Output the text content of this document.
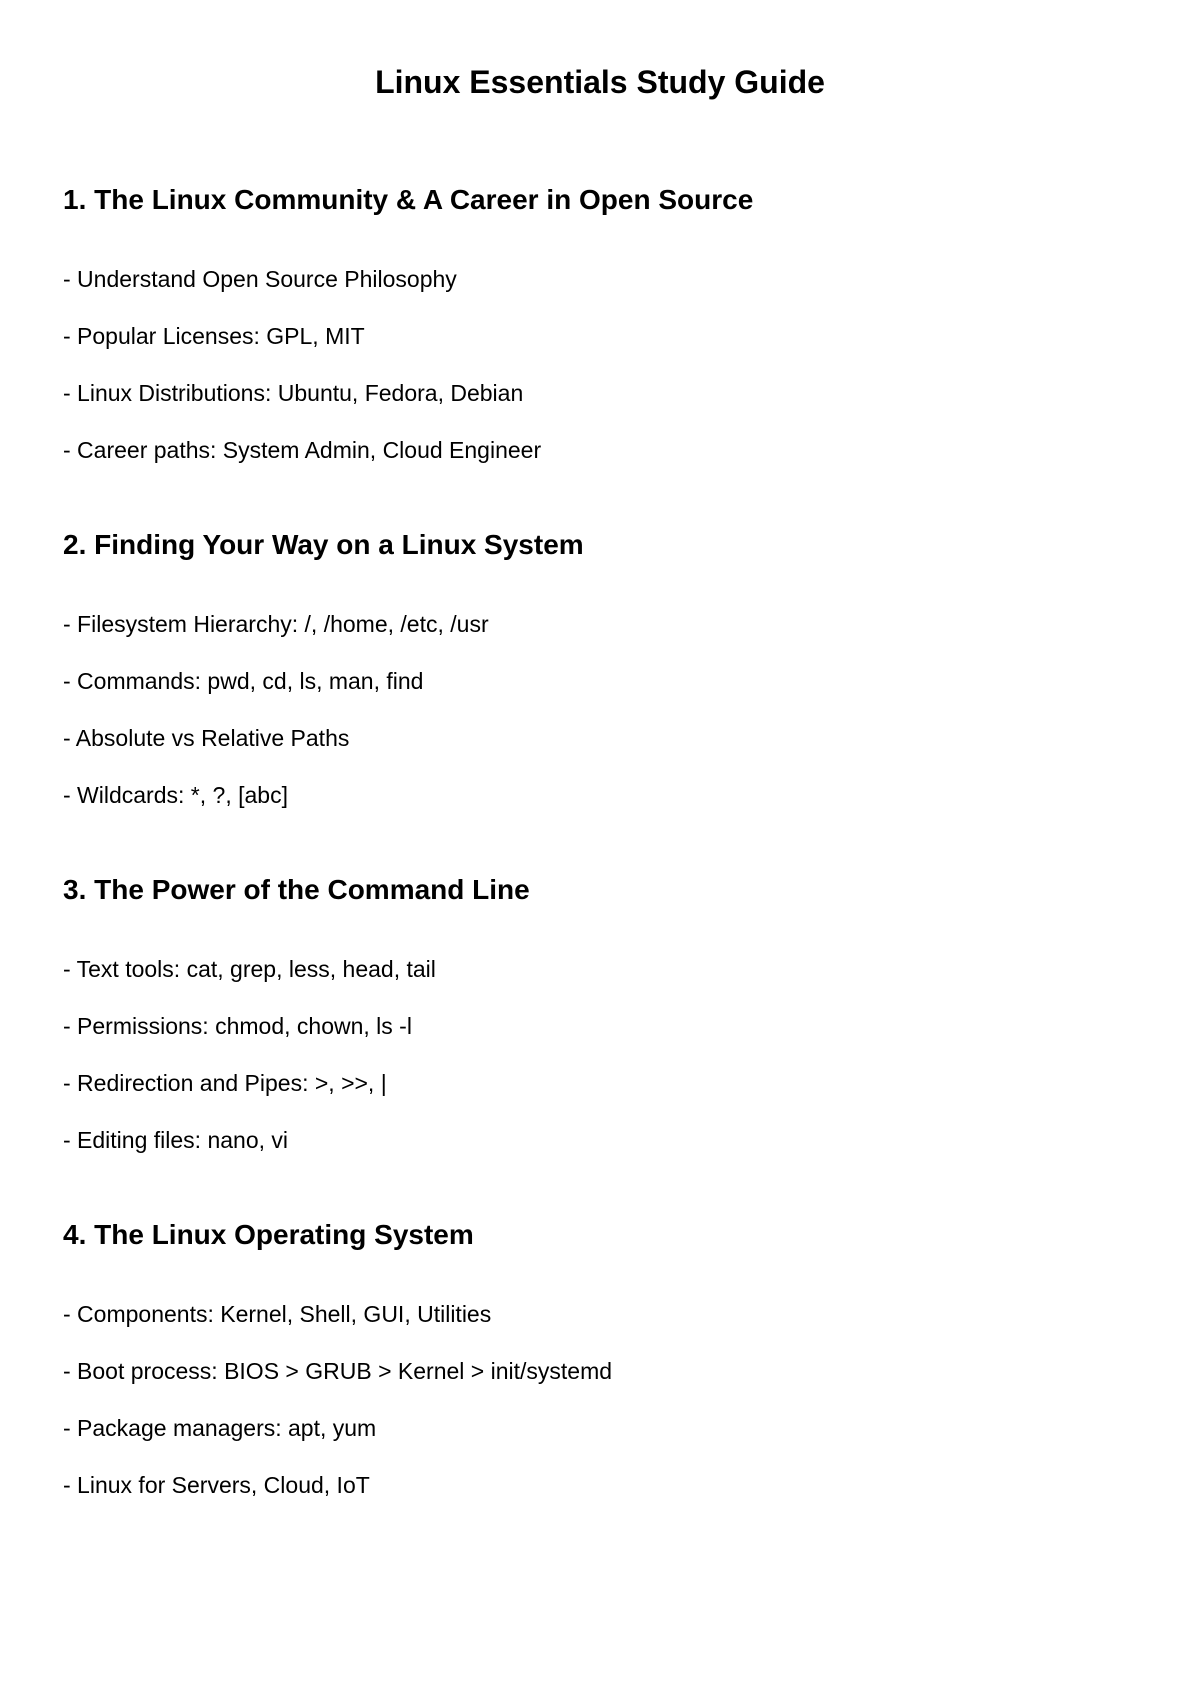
Linux Essentials Study Guide
1. The Linux Community & A Career in Open Source
- Understand Open Source Philosophy
- Popular Licenses: GPL, MIT
- Linux Distributions: Ubuntu, Fedora, Debian
- Career paths: System Admin, Cloud Engineer
2. Finding Your Way on a Linux System
- Filesystem Hierarchy: /, /home, /etc, /usr
- Commands: pwd, cd, ls, man, find
- Absolute vs Relative Paths
- Wildcards: *, ?, [abc]
3. The Power of the Command Line
- Text tools: cat, grep, less, head, tail
- Permissions: chmod, chown, ls -l
- Redirection and Pipes: >, >>, |
- Editing files: nano, vi
4. The Linux Operating System
- Components: Kernel, Shell, GUI, Utilities
- Boot process: BIOS > GRUB > Kernel > init/systemd
- Package managers: apt, yum
- Linux for Servers, Cloud, IoT
